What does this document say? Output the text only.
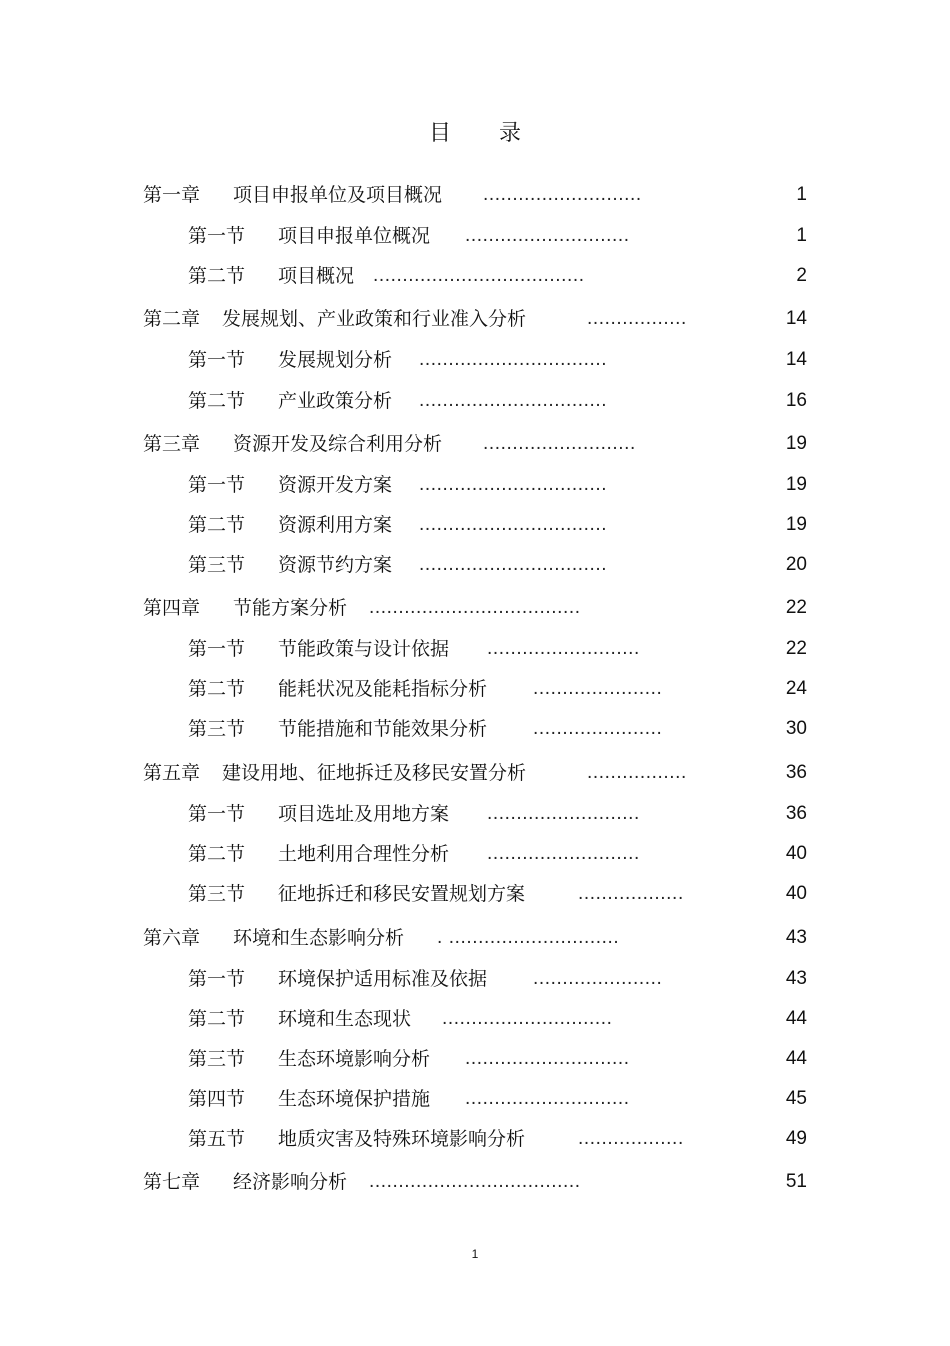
目录
第一章 项目申报单位及项目概况 ...........................	1
第一节 项目申报单位概况 ............................	1
第二节 项目概况 ....................................	2
第二章 发展规划、产业政策和行业准入分析	.................	14
第一节 发展规划分析 ................................	14
第二节 产业政策分析 ................................	16
第三章 资源开发及综合利用分析 ..........................	19
第一节 资源开发方案 ................................	19
第二节 资源利用方案 ................................	19
第三节 资源节约方案 ................................	20
第四章 节能方案分析 ....................................	22
第一节 节能政策与设计依据 ..........................	22
第二节 能耗状况及能耗指标分析 ......................	24
第三节 节能措施和节能效果分析 ......................	30
第五章 建设用地、征地拆迁及移民安置分析	.................	36
第一节 项目选址及用地方案 ..........................	36
第二节 土地利用合理性分析 ..........................	40
第三节 征地拆迁和移民安置规划方案	..................	40
第六章 环境和生态影响分析 . .............................	43
第一节 环境保护适用标准及依据 ......................	43
第二节 环境和生态现状 .............................	44
第三节 生态环境影响分析 ............................	44
第四节 生态环境保护措施 ............................	45
第五节 地质灾害及特殊环境影响分析	..................	49
第七章 经济影响分析 ....................................	51
1
